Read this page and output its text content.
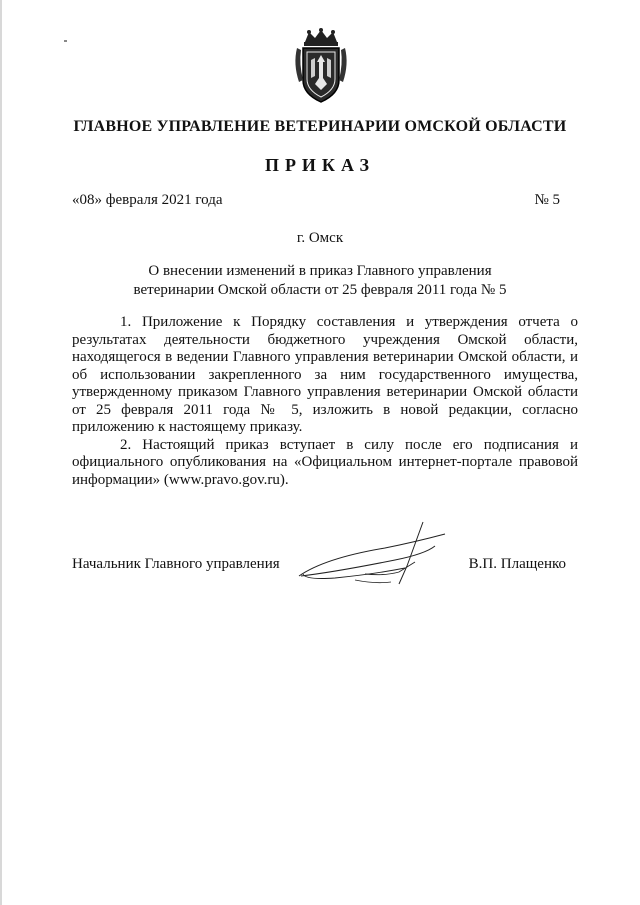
ГЛАВНОЕ УПРАВЛЕНИЕ ВЕТЕРИНАРИИ ОМСКОЙ ОБЛАСТИ
ПРИКАЗ
«08» февраля 2021 года	№ 5
г. Омск
О внесении изменений в приказ Главного управления
ветеринарии Омской области от 25 февраля 2011 года № 5

1. Приложение к Порядку составления и утверждения отчета о результатах деятельности бюджетного учреждения Омской области, находящегося в ведении Главного управления ветеринарии Омской области, и об использовании закрепленного за ним государственного имущества, утвержденному приказом Главного управления ветеринарии Омской области от 25 февраля 2011 года № 5, изложить в новой редакции, согласно приложению к настоящему приказу.

2. Настоящий приказ вступает в силу после его подписания и официального опубликования на «Официальном интернет-портале правовой информации» (www.pravo.gov.ru).

Начальник Главного управления	В.П. Плащенко
